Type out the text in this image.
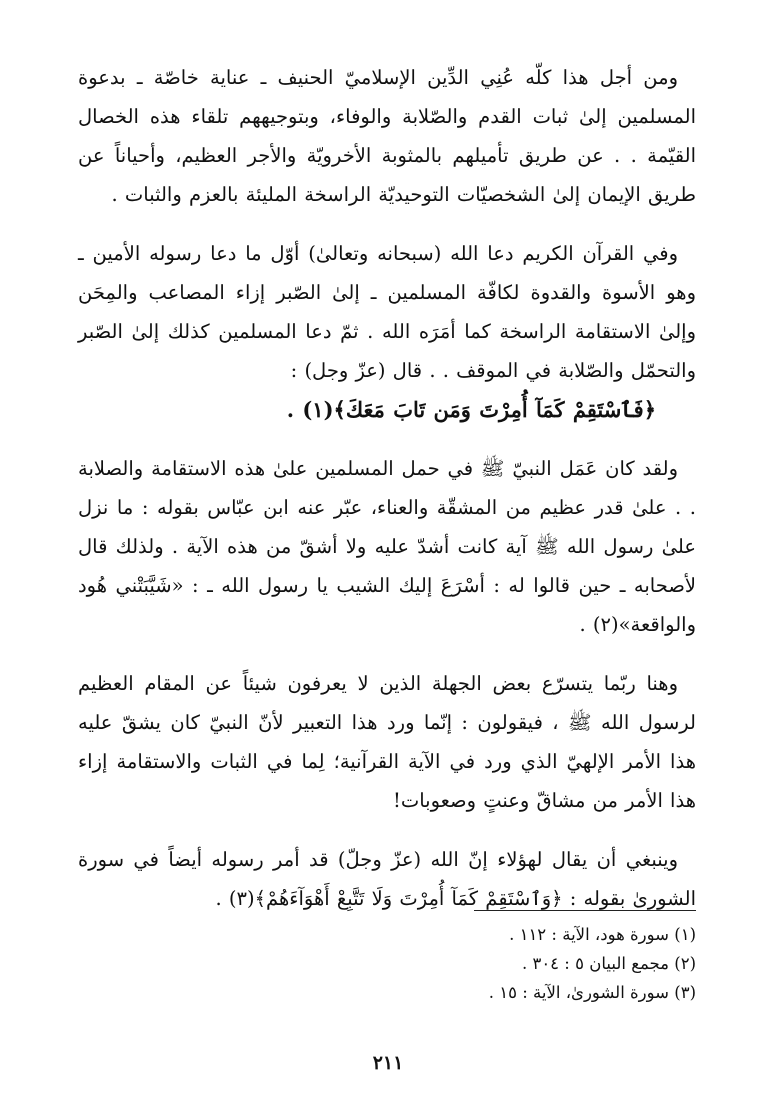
ومن أجل هذا كلّه عُنِي الدِّين الإسلاميّ الحنيف ـ عناية خاصّة ـ بدعوة المسلمين إلىٰ ثبات القدم والصّلابة والوفاء، وبتوجيههم تلقاء هذه الخصال القيّمة . . عن طريق تأميلهم بالمثوبة الأخرويّة والأجر العظيم، وأحياناً عن طريق الإيمان إلىٰ الشخصيّات التوحيديّة الراسخة المليئة بالعزم والثبات .

وفي القرآن الكريم دعا الله (سبحانه وتعالىٰ) أوّل ما دعا رسوله الأمين ـ وهو الأسوة والقدوة لكافّة المسلمين ـ إلىٰ الصّبر إزاء المصاعب والمِحَن وإلىٰ الاستقامة الراسخة كما أمَرَه الله . ثمّ دعا المسلمين كذلك إلىٰ الصّبر والتحمّل والصّلابة في الموقف . . قال (عزّ وجل) :

﴿فَٱسْتَقِمْ كَمَآ أُمِرْتَ وَمَن تَابَ مَعَكَ﴾(١) .

ولقد كان عَمَل النبيّ ﷺ في حمل المسلمين علىٰ هذه الاستقامة والصلابة . . علىٰ قدر عظيم من المشقّة والعناء، عبّر عنه ابن عبّاس بقوله : ما نزل علىٰ رسول الله ﷺ آية كانت أشدّ عليه ولا أشقّ من هذه الآية . ولذلك قال لأصحابه ـ حين قالوا له : أسْرَعَ إليك الشيب يا رسول الله ـ : «شَيَّبَتْني هُود والواقعة»(٢) .

وهنا ربّما يتسرّع بعض الجهلة الذين لا يعرفون شيئاً عن المقام العظيم لرسول الله ﷺ ، فيقولون : إنّما ورد هذا التعبير لأنّ النبيّ كان يشقّ عليه هذا الأمر الإلهيّ الذي ورد في الآية القرآنية؛ لِما في الثبات والاستقامة إزاء هذا الأمر من مشاقّ وعنتٍ وصعوبات!

وينبغي أن يقال لهؤلاء إنّ الله (عزّ وجلّ) قد أمر رسوله أيضاً في سورة الشورىٰ بقوله : ﴿وَٱسْتَقِمْ كَمَآ أُمِرْتَ وَلَا تَتَّبِعْ أَهْوَآءَهُمْ﴾(٣) .

(١) سورة هود، الآية : ١١٢ .
(٢) مجمع البيان ٥ : ٣٠٤ .
(٣) سورة الشورىٰ، الآية : ١٥ .
٢١١
